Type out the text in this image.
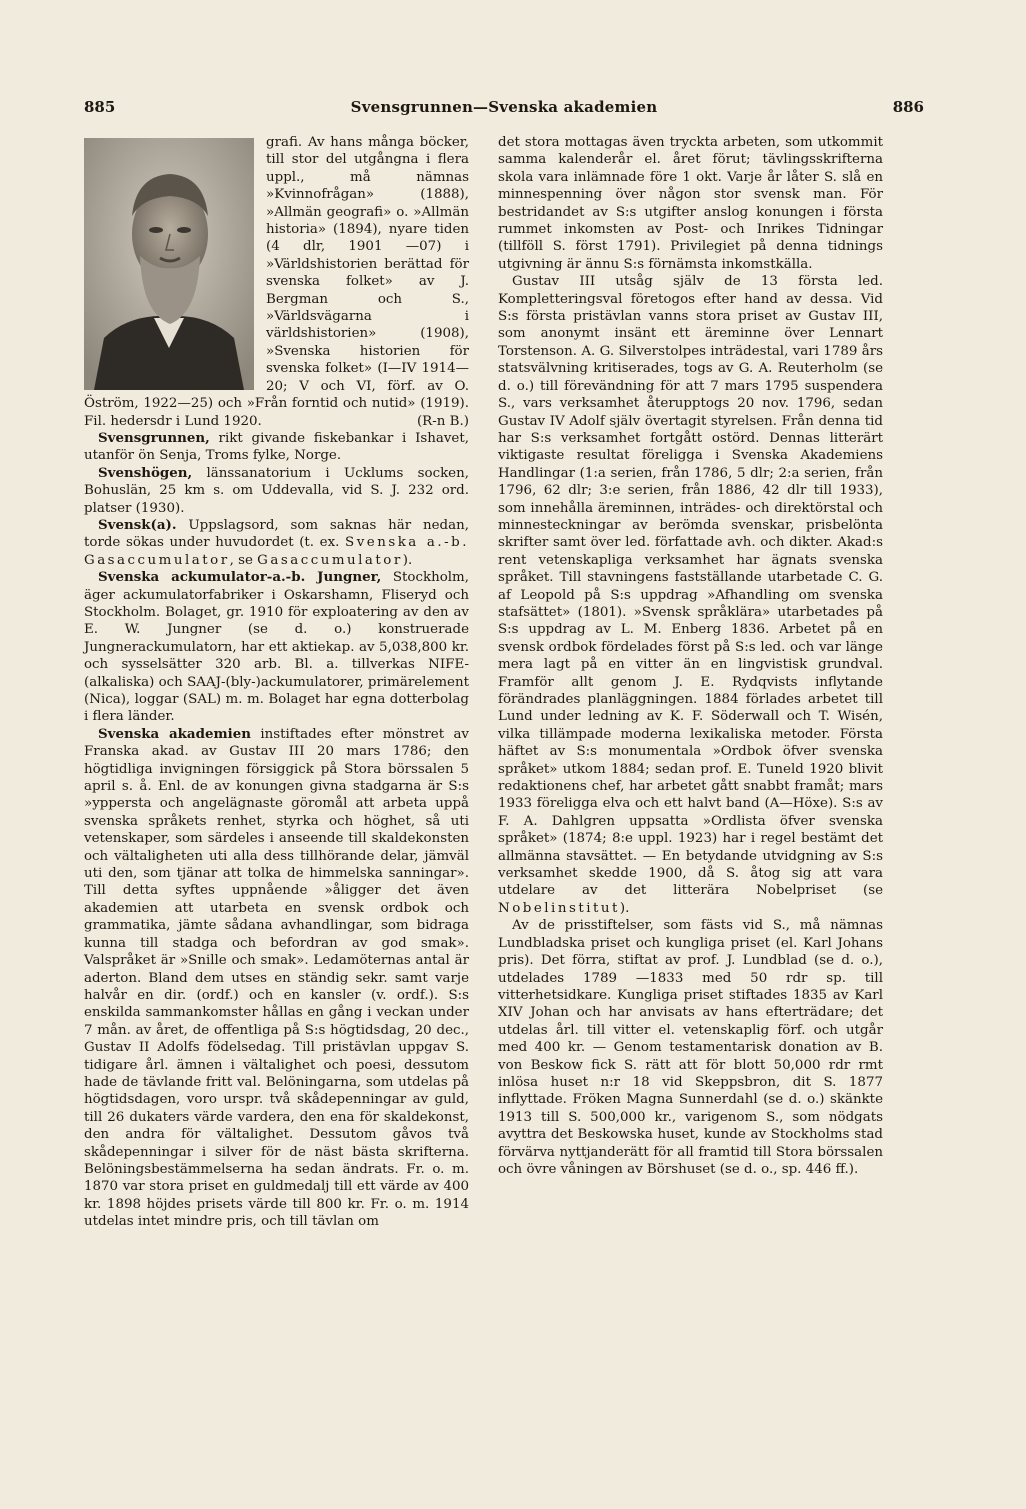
885	Svensgrunnen—Svenska akademien	886

grafi. Av hans många böcker, till stor del utgångna i flera uppl., må nämnas »Kvinnofrågan» (1888), »Allmän geografi» o. »Allmän historia» (1894), nyare tiden (4 dlr, 1901 —07) i »Världshistorien berättad för svenska folket» av J. Bergman och S., »Världsvägarna i världshistorien» (1908), »Svenska historien för svenska folket» (I—IV 1914—20; V och VI, förf. av O. Öström, 1922—25) och »Från forntid och nutid» (1919). Fil. hedersdr i Lund 1920.	(R-n B.)

Svensgrunnen, rikt givande fiskebankar i Ishavet, utanför ön Senja, Troms fylke, Norge.

Svenshögen, länssanatorium i Ucklums socken, Bohuslän, 25 km s. om Uddevalla, vid S. J. 232 ord. platser (1930).

Svensk(a). Uppslagsord, som saknas här nedan, torde sökas under huvudordet (t. ex. Svenska a.-b. Gasaccumulator, se Gasaccumulator).

Svenska ackumulator-a.-b. Jungner, Stockholm, äger ackumulatorfabriker i Oskarshamn, Fliseryd och Stockholm. Bolaget, gr. 1910 för exploatering av den av E. W. Jungner (se d. o.) konstruerade Jungnerackumulatorn, har ett aktiekap. av 5,038,800 kr. och sysselsätter 320 arb. Bl. a. tillverkas NIFE- (alkaliska) och SAAJ-(bly-)ackumulatorer, primärelement (Nica), loggar (SAL) m. m. Bolaget har egna dotterbolag i flera länder.

Svenska akademien instiftades efter mönstret av Franska akad. av Gustav III 20 mars 1786; den högtidliga invigningen försiggick på Stora börssalen 5 april s. å. Enl. de av konungen givna stadgarna är S:s »yppersta och angelägnaste göromål att arbeta uppå svenska språkets renhet, styrka och höghet, så uti vetenskaper, som särdeles i anseende till skaldekonsten och vältaligheten uti alla dess tillhörande delar, jämväl uti den, som tjänar att tolka de himmelska sanningar». Till detta syftes uppnående »åligger det även akademien att utarbeta en svensk ordbok och grammatika, jämte sådana avhandlingar, som bidraga kunna till stadga och befordran av god smak». Valspråket är »Snille och smak». Ledamöternas antal är aderton. Bland dem utses en ständig sekr. samt varje halvår en dir. (ordf.) och en kansler (v. ordf.). S:s enskilda sammankomster hållas en gång i veckan under 7 mån. av året, de offentliga på S:s högtidsdag, 20 dec., Gustav II Adolfs födelsedag. Till pristävlan uppgav S. tidigare årl. ämnen i vältalighet och poesi, dessutom hade de tävlande fritt val. Belöningarna, som utdelas på högtidsdagen, voro urspr. två skådepenningar av guld, till 26 dukaters värde vardera, den ena för skaldekonst, den andra för vältalighet. Dessutom gåvos två skådepenningar i silver för de näst bästa skrifterna. Belöningsbestämmelserna ha sedan ändrats. Fr. o. m. 1870 var stora priset en guldmedalj till ett värde av 400 kr. 1898 höjdes prisets värde till 800 kr. Fr. o. m. 1914 utdelas intet mindre pris, och till tävlan om

det stora mottagas även tryckta arbeten, som utkommit samma kalenderår el. året förut; tävlingsskrifterna skola vara inlämnade före 1 okt. Varje år låter S. slå en minnespenning över någon stor svensk man. För bestridandet av S:s utgifter anslog konungen i första rummet inkomsten av Post- och Inrikes Tidningar (tillföll S. först 1791). Privilegiet på denna tidnings utgivning är ännu S:s förnämsta inkomstkälla.

Gustav III utsåg själv de 13 första led. Kompletteringsval företogos efter hand av dessa. Vid S:s första pristävlan vanns stora priset av Gustav III, som anonymt insänt ett äreminne över Lennart Torstenson. A. G. Silverstolpes inträdestal, vari 1789 års statsvälvning kritiserades, togs av G. A. Reuterholm (se d. o.) till förevändning för att 7 mars 1795 suspendera S., vars verksamhet återupptogs 20 nov. 1796, sedan Gustav IV Adolf själv övertagit styrelsen. Från denna tid har S:s verksamhet fortgått ostörd. Dennas litterärt viktigaste resultat föreligga i Svenska Akademiens Handlingar (1:a serien, från 1786, 5 dlr; 2:a serien, från 1796, 62 dlr; 3:e serien, från 1886, 42 dlr till 1933), som innehålla äreminnen, inträdes- och direktörstal och minnesteckningar av berömda svenskar, prisbelönta skrifter samt över led. författade avh. och dikter. Akad:s rent vetenskapliga verksamhet har ägnats svenska språket. Till stavningens fastställande utarbetade C. G. af Leopold på S:s uppdrag »Afhandling om svenska stafsättet» (1801). »Svensk språklära» utarbetades på S:s uppdrag av L. M. Enberg 1836. Arbetet på en svensk ordbok fördelades först på S:s led. och var länge mera lagt på en vitter än en lingvistisk grundval. Framför allt genom J. E. Rydqvists inflytande förändrades planläggningen. 1884 förlades arbetet till Lund under ledning av K. F. Söderwall och T. Wisén, vilka tillämpade moderna lexikaliska metoder. Första häftet av S:s monumentala »Ordbok öfver svenska språket» utkom 1884; sedan prof. E. Tuneld 1920 blivit redaktionens chef, har arbetet gått snabbt framåt; mars 1933 föreligga elva och ett halvt band (A—Höxe). S:s av F. A. Dahlgren uppsatta »Ordlista öfver svenska språket» (1874; 8:e uppl. 1923) har i regel bestämt det allmänna stavsättet. — En betydande utvidgning av S:s verksamhet skedde 1900, då S. åtog sig att vara utdelare av det litterära Nobelpriset (se Nobelinstitut).

Av de prisstiftelser, som fästs vid S., må nämnas Lundbladska priset och kungliga priset (el. Karl Johans pris). Det förra, stiftat av prof. J. Lundblad (se d. o.), utdelades 1789 —1833 med 50 rdr sp. till vitterhetsidkare. Kungliga priset stiftades 1835 av Karl XIV Johan och har anvisats av hans efterträdare; det utdelas årl. till vitter el. vetenskaplig förf. och utgår med 400 kr. — Genom testamentarisk donation av B. von Beskow fick S. rätt att för blott 50,000 rdr rmt inlösa huset n:r 18 vid Skeppsbron, dit S. 1877 inflyttade. Fröken Magna Sunnerdahl (se d. o.) skänkte 1913 till S. 500,000 kr., varigenom S., som nödgats avyttra det Beskowska huset, kunde av Stockholms stad förvärva nyttjanderätt för all framtid till Stora börssalen och övre våningen av Börshuset (se d. o., sp. 446 ff.).
